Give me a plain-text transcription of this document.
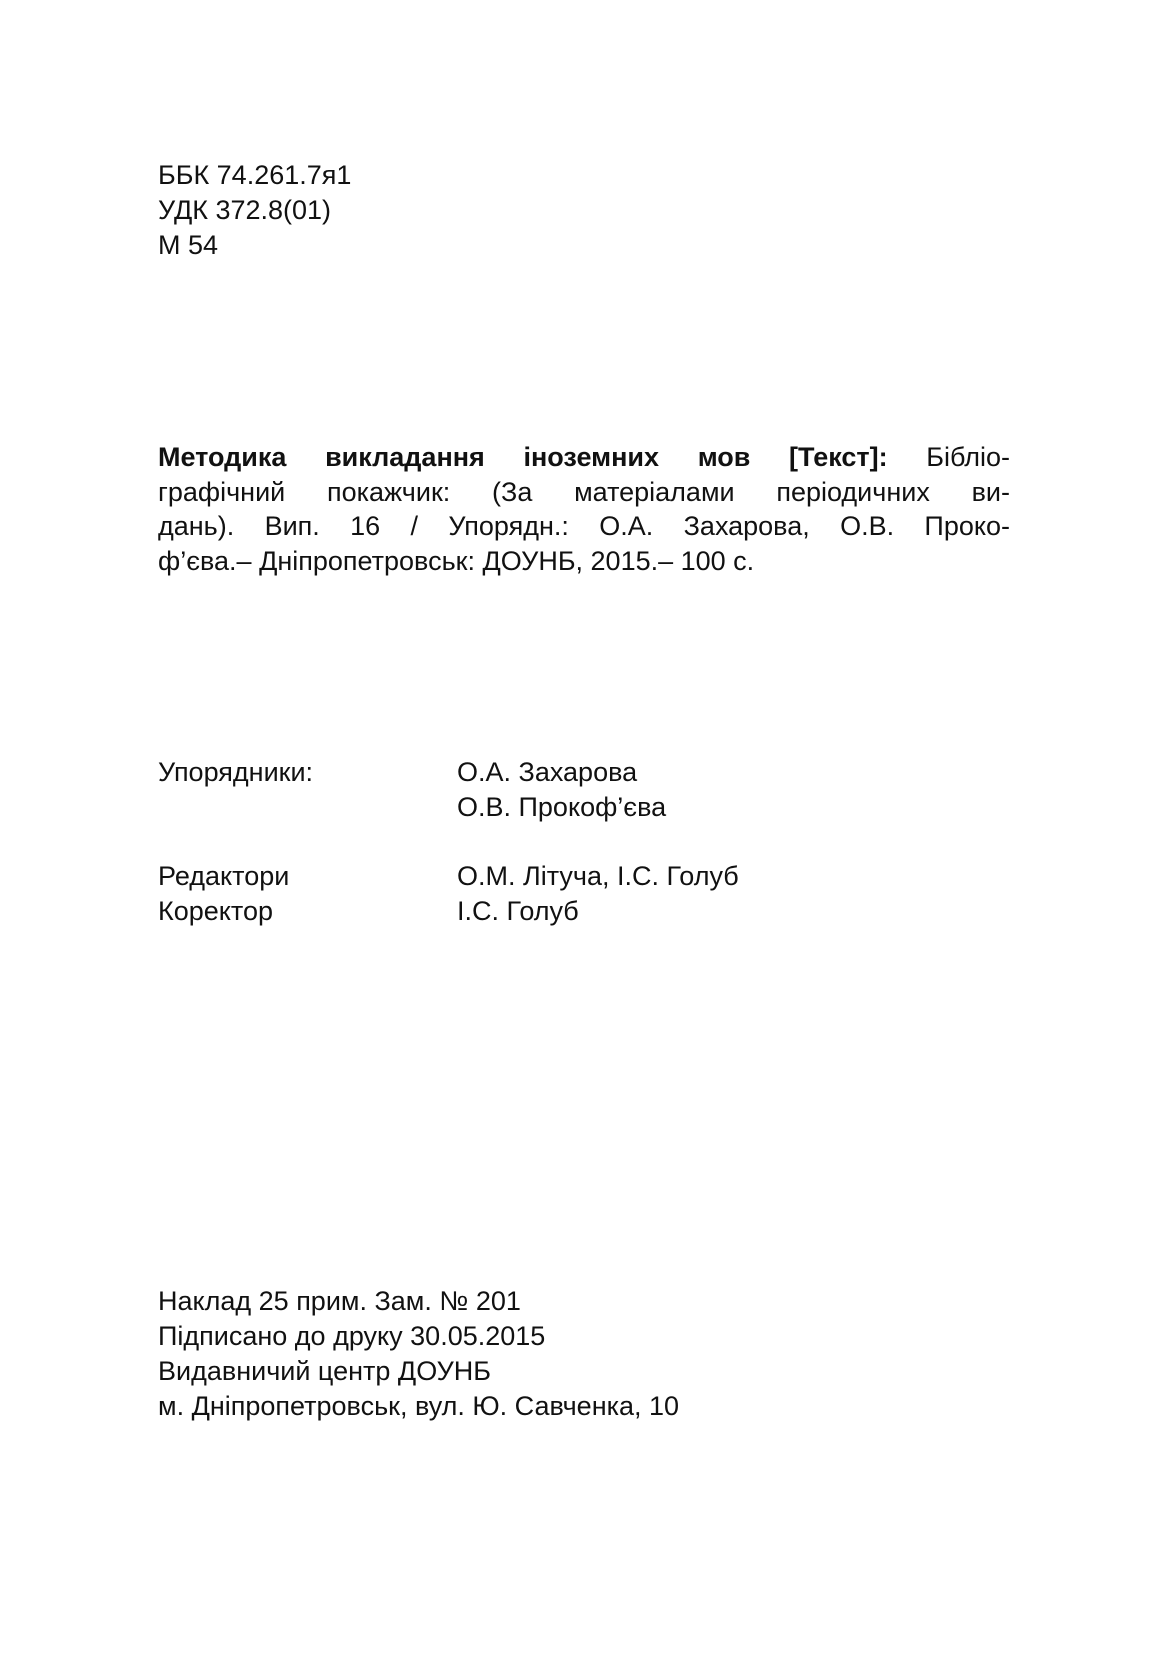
ББК 74.261.7я1
УДК 372.8(01)
М 54
Методика викладання іноземних мов [Текст]: Бібліо-
графічний покажчик: (За матеріалами періодичних ви-
дань). Вип. 16 / Упорядн.: О.А. Захарова, О.В. Проко-
ф’єва.– Дніпропетровськ: ДОУНБ, 2015.– 100 с.
Упорядники:	О.А. Захарова
О.В. Прокоф’єва
Редактори	О.М. Літуча, І.С. Голуб
Коректор	І.С. Голуб
Наклад 25 прим. Зам. № 201
Підписано до друку 30.05.2015
Видавничий центр ДОУНБ
м. Дніпропетровськ, вул. Ю. Савченка, 10
